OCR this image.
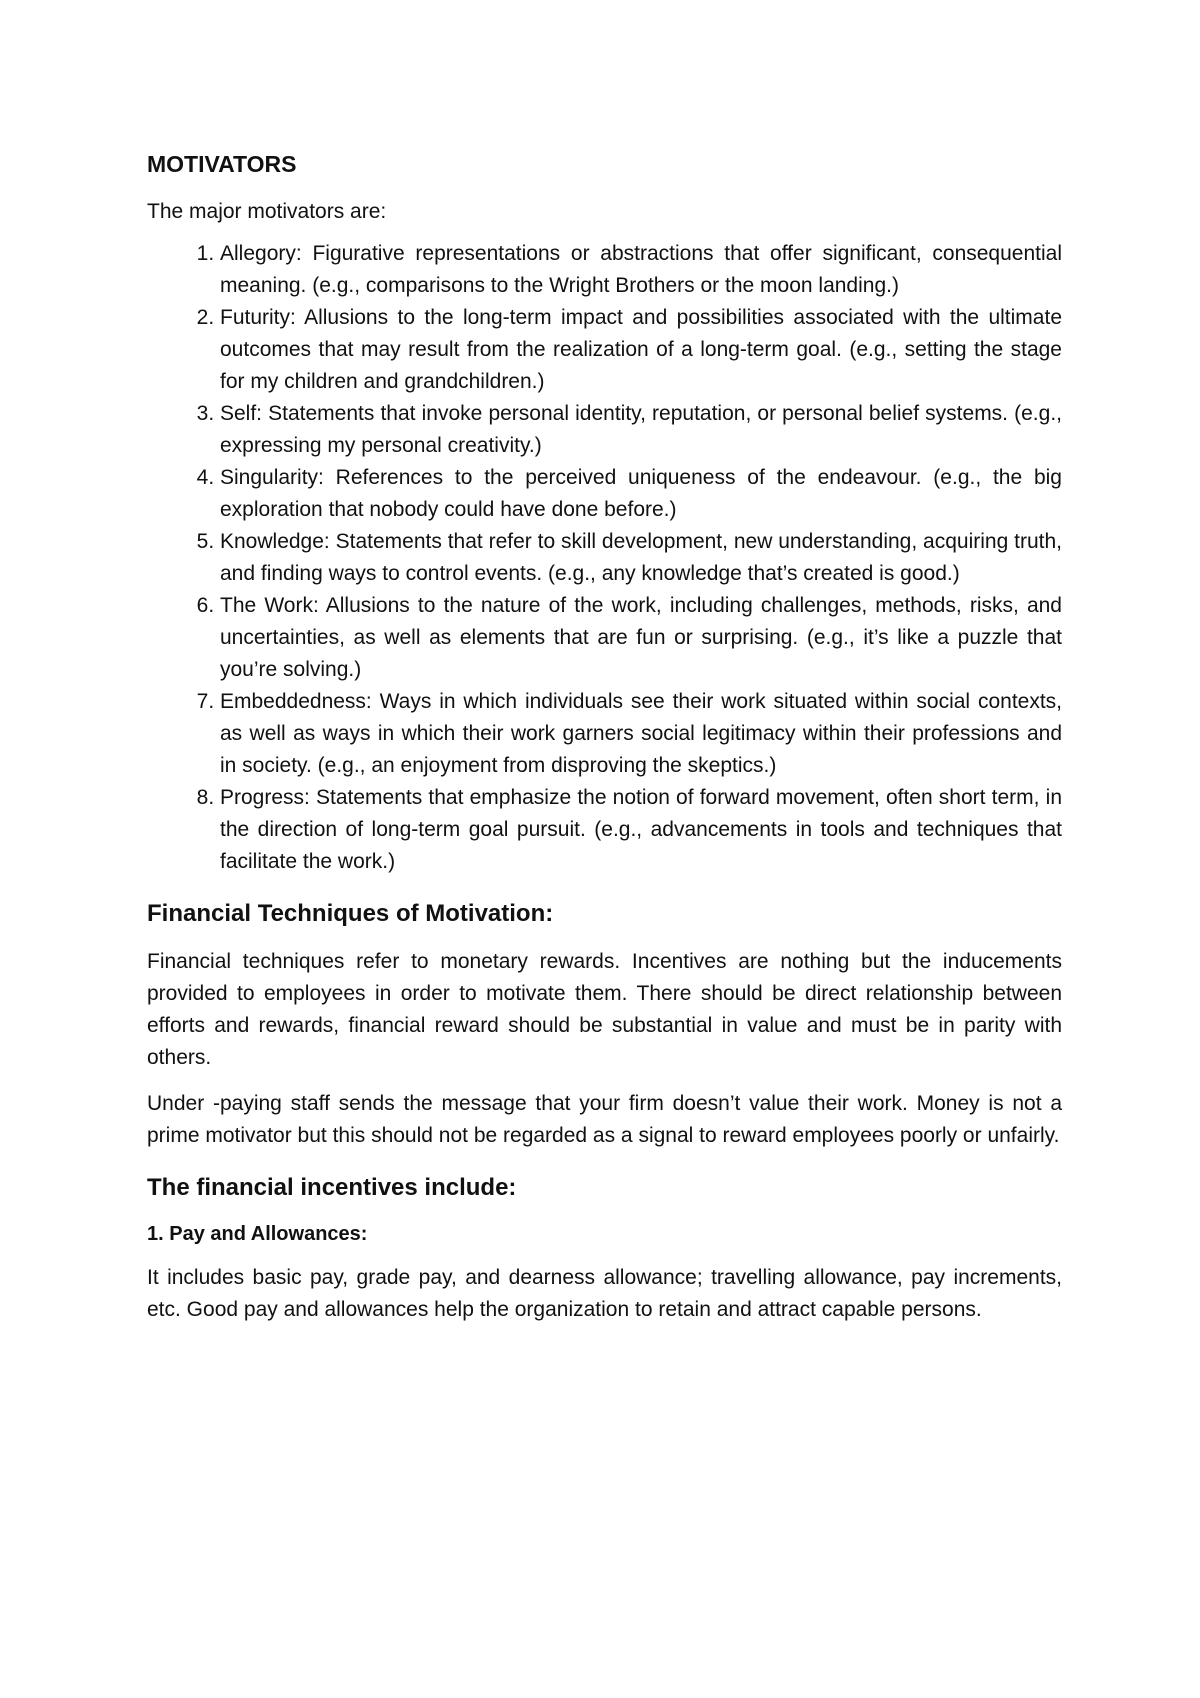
MOTIVATORS
The major motivators are:
1. Allegory: Figurative representations or abstractions that offer significant, consequential meaning. (e.g., comparisons to the Wright Brothers or the moon landing.)
2. Futurity: Allusions to the long-term impact and possibilities associated with the ultimate outcomes that may result from the realization of a long-term goal. (e.g., setting the stage for my children and grandchildren.)
3. Self: Statements that invoke personal identity, reputation, or personal belief systems. (e.g., expressing my personal creativity.)
4. Singularity: References to the perceived uniqueness of the endeavour. (e.g., the big exploration that nobody could have done before.)
5. Knowledge: Statements that refer to skill development, new understanding, acquiring truth, and finding ways to control events. (e.g., any knowledge that’s created is good.)
6. The Work: Allusions to the nature of the work, including challenges, methods, risks, and uncertainties, as well as elements that are fun or surprising. (e.g., it’s like a puzzle that you’re solving.)
7. Embeddedness: Ways in which individuals see their work situated within social contexts, as well as ways in which their work garners social legitimacy within their professions and in society. (e.g., an enjoyment from disproving the skeptics.)
8. Progress: Statements that emphasize the notion of forward movement, often short term, in the direction of long-term goal pursuit. (e.g., advancements in tools and techniques that facilitate the work.)
Financial Techniques of Motivation:

Financial techniques refer to monetary rewards. Incentives are nothing but the inducements provided to employees in order to motivate them. There should be direct relationship between efforts and rewards, financial reward should be substantial in value and must be in parity with others.

Under -paying staff sends the message that your firm doesn’t value their work. Money is not a prime motivator but this should not be regarded as a signal to reward employees poorly or unfairly.

The financial incentives include:
1. Pay and Allowances:

It includes basic pay, grade pay, and dearness allowance; travelling allowance, pay increments, etc. Good pay and allowances help the organization to retain and attract capable persons.
